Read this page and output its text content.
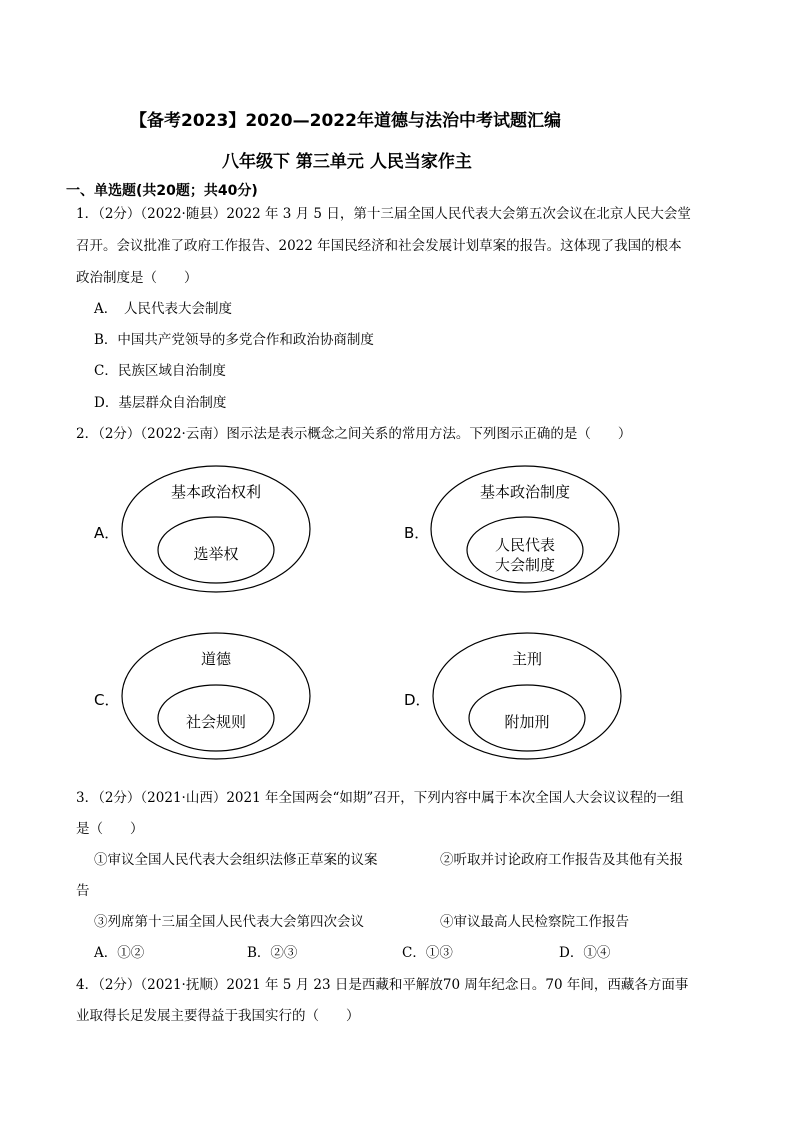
【备考2023】2020—2022年道德与法治中考试题汇编
八年级下 第三单元 人民当家作主
一、单选题(共20题；共40分)
1．（2分）（2022·随县）2022 年 3 月 5 日，第十三届全国人民代表大会第五次会议在北京人民大会堂
召开。会议批准了政府工作报告、2022 年国民经济和社会发展计划草案的报告。这体现了我国的根本
政治制度是（　　）
A．　人民代表大会制度
B．中国共产党领导的多党合作和政治协商制度
C．民族区域自治制度
D．基层群众自治制度
2．（2分）（2022·云南）图示法是表示概念之间关系的常用方法。下列图示正确的是（　　）
A．
基本政治权利
选举权
B．
基本政治制度
人民代表
大会制度
C．
道德
社会规则
D．
主刑
附加刑
3．（2分）（2021·山西）2021 年全国两会“如期”召开，下列内容中属于本次全国人大会议议程的一组
是（　　）
①审议全国人民代表大会组织法修正草案的议案	②听取并讨论政府工作报告及其他有关报
告
③列席第十三届全国人民代表大会第四次会议	④审议最高人民检察院工作报告
A．①②	B．②③	C．①③	D．①④
4．（2分）（2021·抚顺）2021 年 5 月 23 日是西藏和平解放70 周年纪念日。70 年间，西藏各方面事
业取得长足发展主要得益于我国实行的（　　）
